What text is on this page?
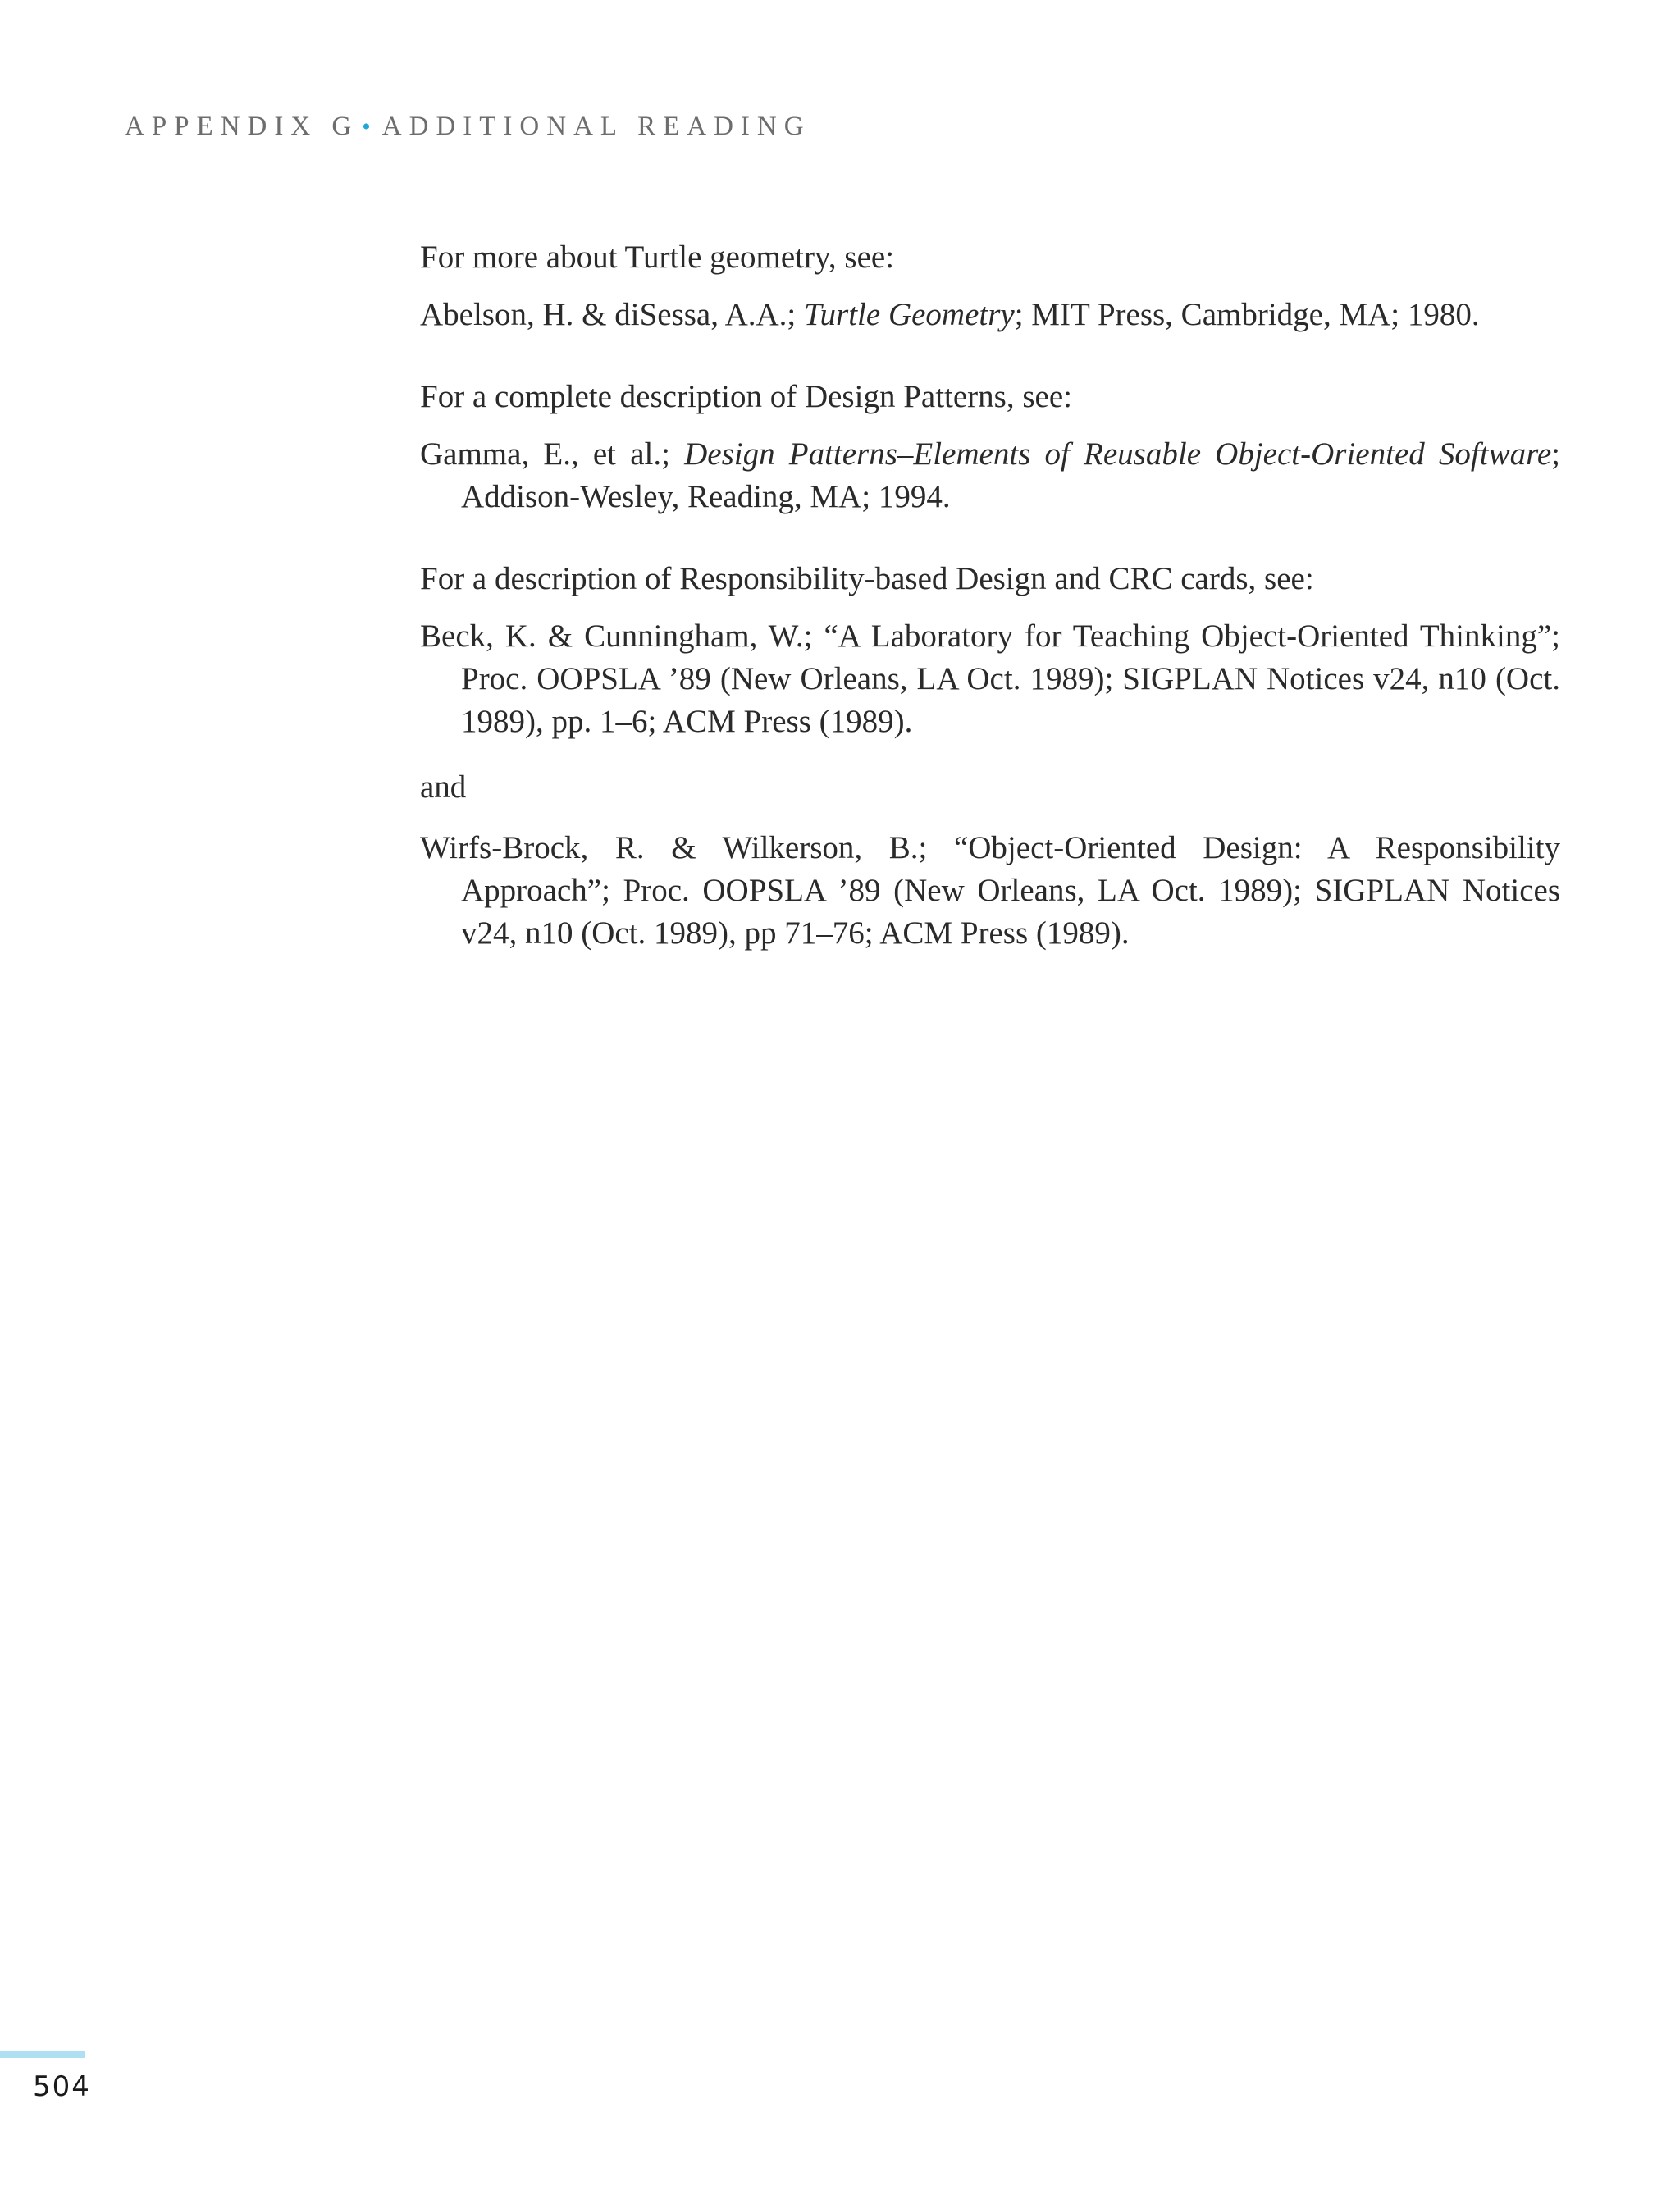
APPENDIX G • ADDITIONAL READING

For more about Turtle geometry, see:

Abelson, H. & diSessa, A.A.; Turtle Geometry; MIT Press, Cambridge, MA; 1980.

For a complete description of Design Patterns, see:

Gamma, E., et al.; Design Patterns–Elements of Reusable Object-Oriented Software; Addison-Wesley, Reading, MA; 1994.

For a description of Responsibility-based Design and CRC cards, see:

Beck, K. & Cunningham, W.; “A Laboratory for Teaching Object-Oriented Thinking”; Proc. OOPSLA ’89 (New Orleans, LA Oct. 1989); SIGPLAN Notices v24, n10 (Oct. 1989), pp. 1–6; ACM Press (1989).

and

Wirfs-Brock, R. & Wilkerson, B.; “Object-Oriented Design: A Responsibility Approach”; Proc. OOPSLA ’89 (New Orleans, LA Oct. 1989); SIGPLAN Notices v24, n10 (Oct. 1989), pp 71–76; ACM Press (1989).

504
